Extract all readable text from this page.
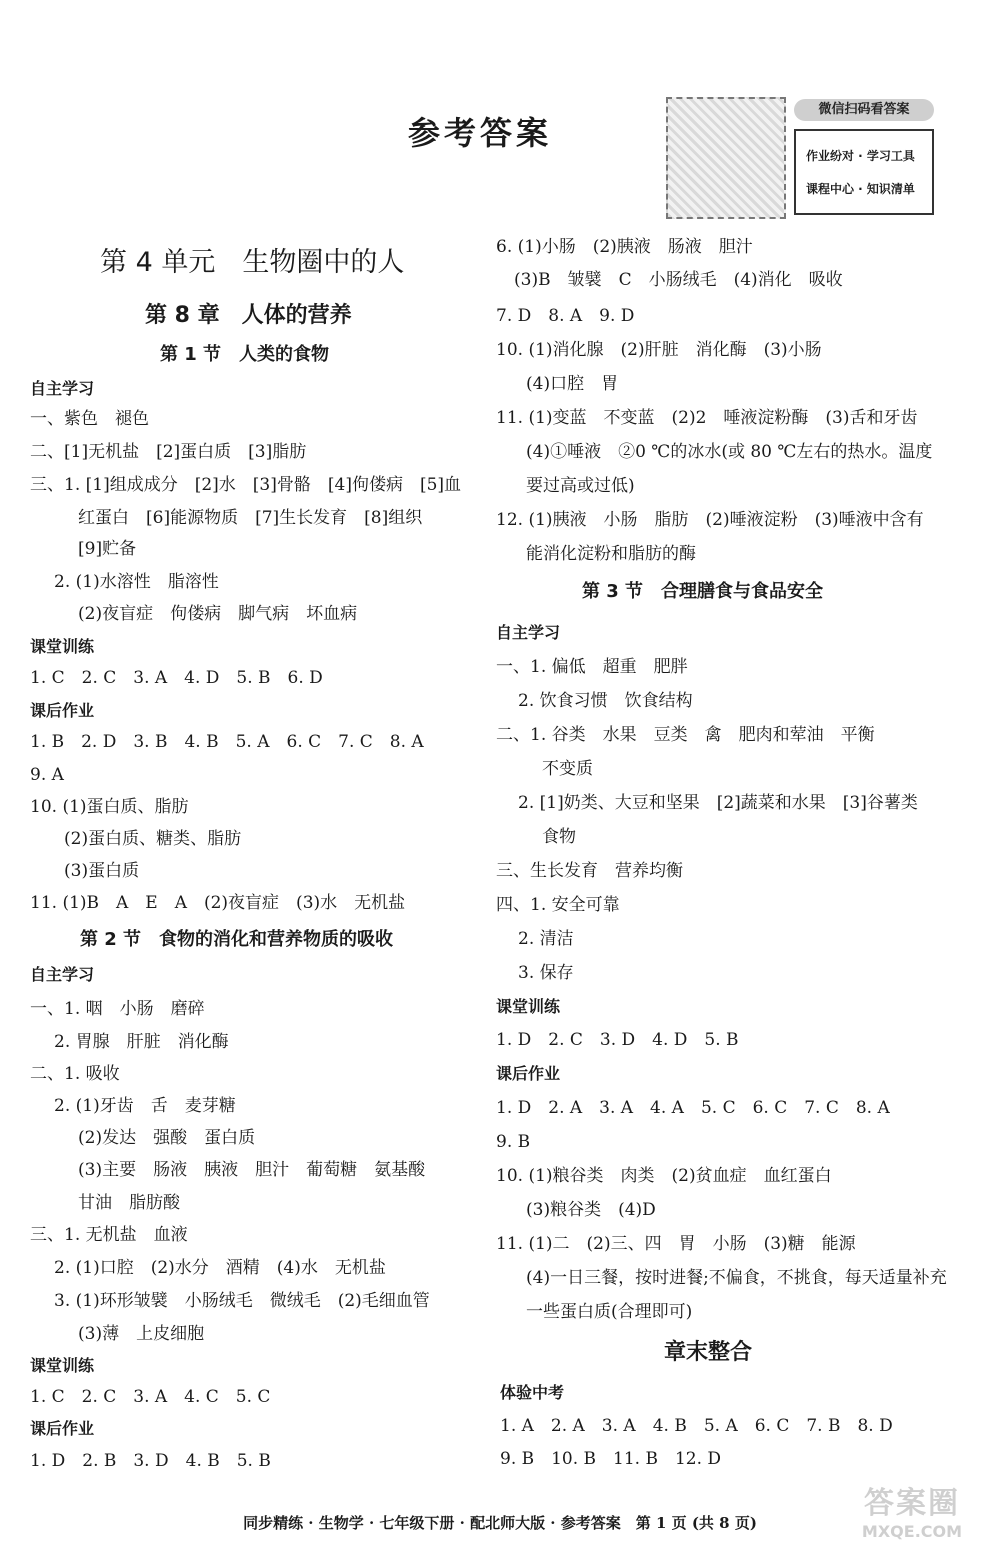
参考答案
微信扫码看答案
作业纷对 · 学习工具
课程中心 · 知识清单
第 4 单元　生物圈中的人
第 8 章　人体的营养
第 1 节　人类的食物
自主学习
一、紫色　褪色
二、[1]无机盐　[2]蛋白质　[3]脂肪
三、1. [1]组成成分　[2]水　[3]骨骼　[4]佝偻病　[5]血
红蛋白　[6]能源物质　[7]生长发育　[8]组织
[9]贮备
2. (1)水溶性　脂溶性
(2)夜盲症　佝偻病　脚气病　坏血病
课堂训练
1. C　2. C　3. A　4. D　5. B　6. D
课后作业
1. B　2. D　3. B　4. B　5. A　6. C　7. C　8. A
9. A
10. (1)蛋白质、脂肪
(2)蛋白质、糖类、脂肪
(3)蛋白质
11. (1)B　A　E　A　(2)夜盲症　(3)水　无机盐
第 2 节　食物的消化和营养物质的吸收
自主学习
一、1. 咽　小肠　磨碎
2. 胃腺　肝脏　消化酶
二、1. 吸收
2. (1)牙齿　舌　麦芽糖
(2)发达　强酸　蛋白质
(3)主要　肠液　胰液　胆汁　葡萄糖　氨基酸
甘油　脂肪酸
三、1. 无机盐　血液
2. (1)口腔　(2)水分　酒精　(4)水　无机盐
3. (1)环形皱襞　小肠绒毛　微绒毛　(2)毛细血管
(3)薄　上皮细胞
课堂训练
1. C　2. C　3. A　4. C　5. C
课后作业
1. D　2. B　3. D　4. B　5. B
6. (1)小肠　(2)胰液　肠液　胆汁
(3)B　皱襞　C　小肠绒毛　(4)消化　吸收
7. D　8. A　9. D
10. (1)消化腺　(2)肝脏　消化酶　(3)小肠
(4)口腔　胃
11. (1)变蓝　不变蓝　(2)2　唾液淀粉酶　(3)舌和牙齿
(4)①唾液　②0 ℃的冰水(或 80 ℃左右的热水。温度
要过高或过低)
12. (1)胰液　小肠　脂肪　(2)唾液淀粉　(3)唾液中含有
能消化淀粉和脂肪的酶
第 3 节　合理膳食与食品安全
自主学习
一、1. 偏低　超重　肥胖
2. 饮食习惯　饮食结构
二、1. 谷类　水果　豆类　禽　肥肉和荤油　平衡
不变质
2. [1]奶类、大豆和坚果　[2]蔬菜和水果　[3]谷薯类
食物
三、生长发育　营养均衡
四、1. 安全可靠
2. 清洁
3. 保存
课堂训练
1. D　2. C　3. D　4. D　5. B
课后作业
1. D　2. A　3. A　4. A　5. C　6. C　7. C　8. A
9. B
10. (1)粮谷类　肉类　(2)贫血症　血红蛋白
(3)粮谷类　(4)D
11. (1)二　(2)三、四　胃　小肠　(3)糖　能源
(4)一日三餐，按时进餐;不偏食，不挑食，每天适量补充
一些蛋白质(合理即可)
章末整合
体验中考
1. A　2. A　3. A　4. B　5. A　6. C　7. B　8. D
9. B　10. B　11. B　12. D
同步精练 · 生物学 · 七年级下册 · 配北师大版 · 参考答案　第 1 页 (共 8 页)
答案圈
MXQE.COM
